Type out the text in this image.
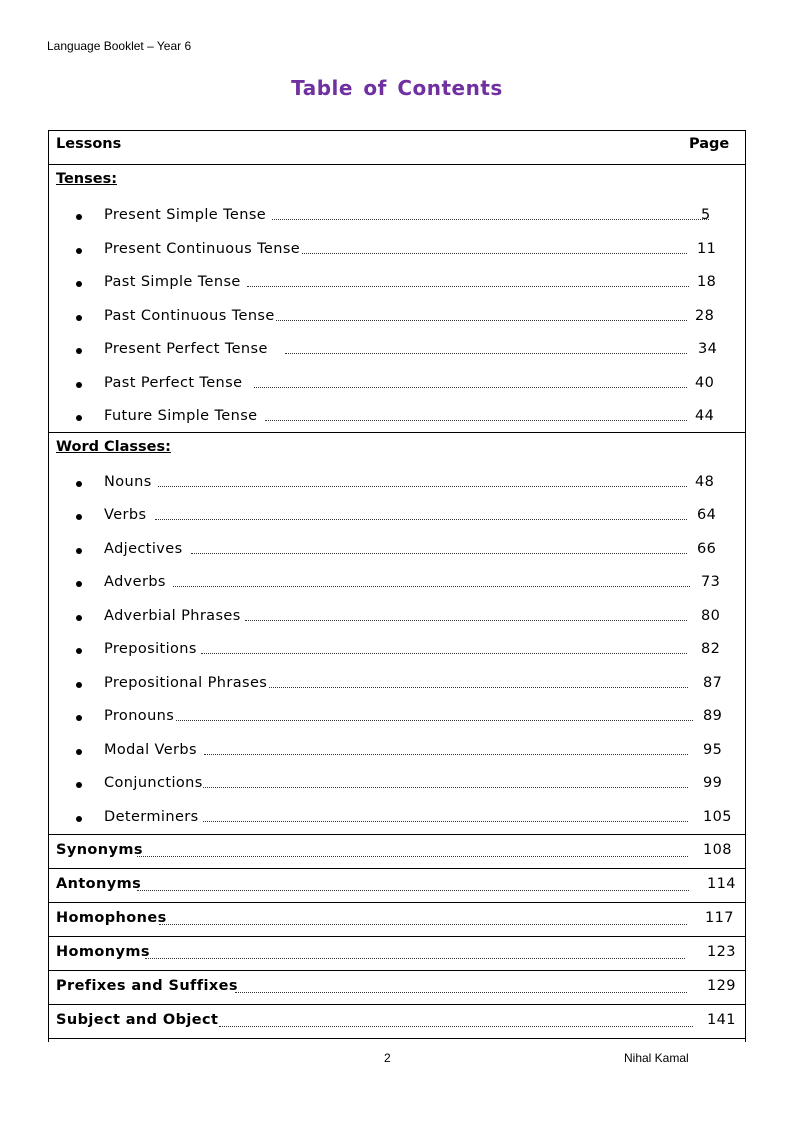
Language Booklet – Year 6
Table of Contents
Lessons	Page
Tenses:
Present Simple Tense	5
Present Continuous Tense	11
Past Simple Tense	18
Past Continuous Tense	28
Present Perfect Tense	34
Past Perfect Tense	40
Future Simple Tense	44
Word Classes:
Nouns	48
Verbs	64
Adjectives	66
Adverbs	73
Adverbial Phrases	80
Prepositions	82
Prepositional Phrases	87
Pronouns	89
Modal Verbs	95
Conjunctions	99
Determiners	105
Synonyms	108
Antonyms	114
Homophones	117
Homonyms	123
Prefixes and Suffixes	129
Subject and Object	141
2	Nihal Kamal
